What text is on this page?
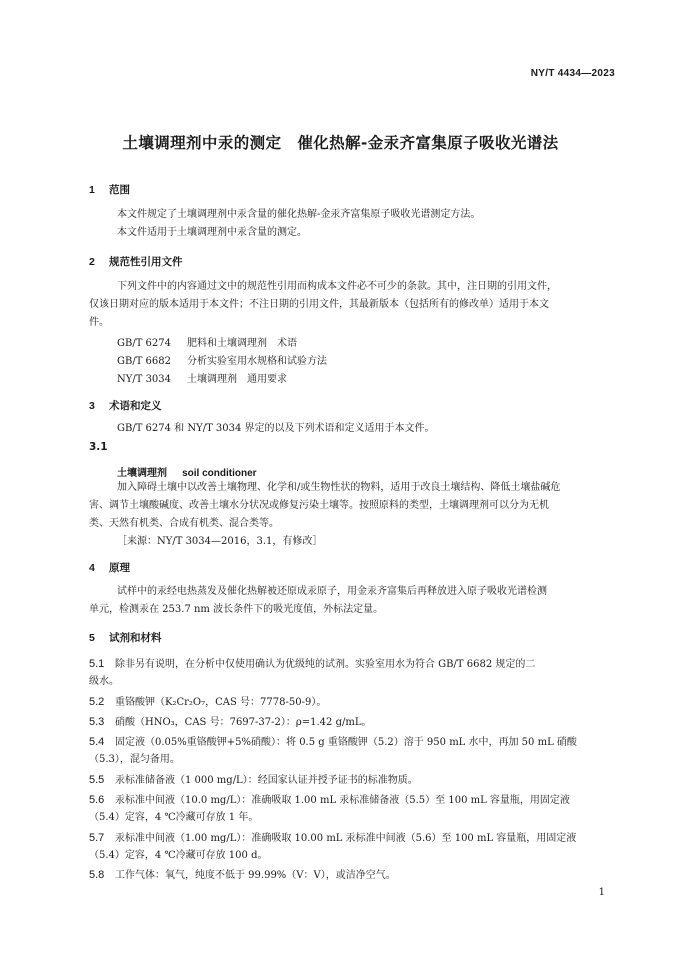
NY/T 4434—2023
土壤调理剂中汞的测定　催化热解-金汞齐富集原子吸收光谱法
1 范围
本文件规定了土壤调理剂中汞含量的催化热解-金汞齐富集原子吸收光谱测定方法。
本文件适用于土壤调理剂中汞含量的测定。
2 规范性引用文件
下列文件中的内容通过文中的规范性引用而构成本文件必不可少的条款。其中，注日期的引用文件，
仅该日期对应的版本适用于本文件；不注日期的引用文件，其最新版本（包括所有的修改单）适用于本文
件。
GB/T 6274 肥料和土壤调理剂　术语
GB/T 6682 分析实验室用水规格和试验方法
NY/T 3034 土壤调理剂　通用要求
3 术语和定义
GB/T 6274 和 NY/T 3034 界定的以及下列术语和定义适用于本文件。
3.1
土壤调理剂 soil conditioner
加入障碍土壤中以改善土壤物理、化学和/或生物性状的物料，适用于改良土壤结构、降低土壤盐碱危
害、调节土壤酸碱度、改善土壤水分状况或修复污染土壤等。按照原料的类型，土壤调理剂可以分为无机
类、天然有机类、合成有机类、混合类等。
［来源：NY/T 3034—2016，3.1，有修改］
4 原理
试样中的汞经电热蒸发及催化热解被还原成汞原子，用金汞齐富集后再释放进入原子吸收光谱检测
单元，检测汞在 253.7 nm 波长条件下的吸光度值，外标法定量。
5 试剂和材料
5.1 除非另有说明，在分析中仅使用确认为优级纯的试剂。实验室用水为符合 GB/T 6682 规定的二
级水。
5.2 重铬酸钾（K₂Cr₂O₇，CAS 号：7778-50-9）。
5.3 硝酸（HNO₃，CAS 号：7697-37-2）：ρ=1.42 g/mL。
5.4 固定液（0.05%重铬酸钾+5%硝酸）：将 0.5 g 重铬酸钾（5.2）溶于 950 mL 水中，再加 50 mL 硝酸
（5.3），混匀备用。
5.5 汞标准储备液（1 000 mg/L）：经国家认证并授予证书的标准物质。
5.6 汞标准中间液（10.0 mg/L）：准确吸取 1.00 mL 汞标准储备液（5.5）至 100 mL 容量瓶，用固定液
（5.4）定容，4 ℃冷藏可存放 1 年。
5.7 汞标准中间液（1.00 mg/L）：准确吸取 10.00 mL 汞标准中间液（5.6）至 100 mL 容量瓶，用固定液
（5.4）定容，4 ℃冷藏可存放 100 d。
5.8 工作气体：氧气，纯度不低于 99.99%（V：V），或洁净空气。
1
